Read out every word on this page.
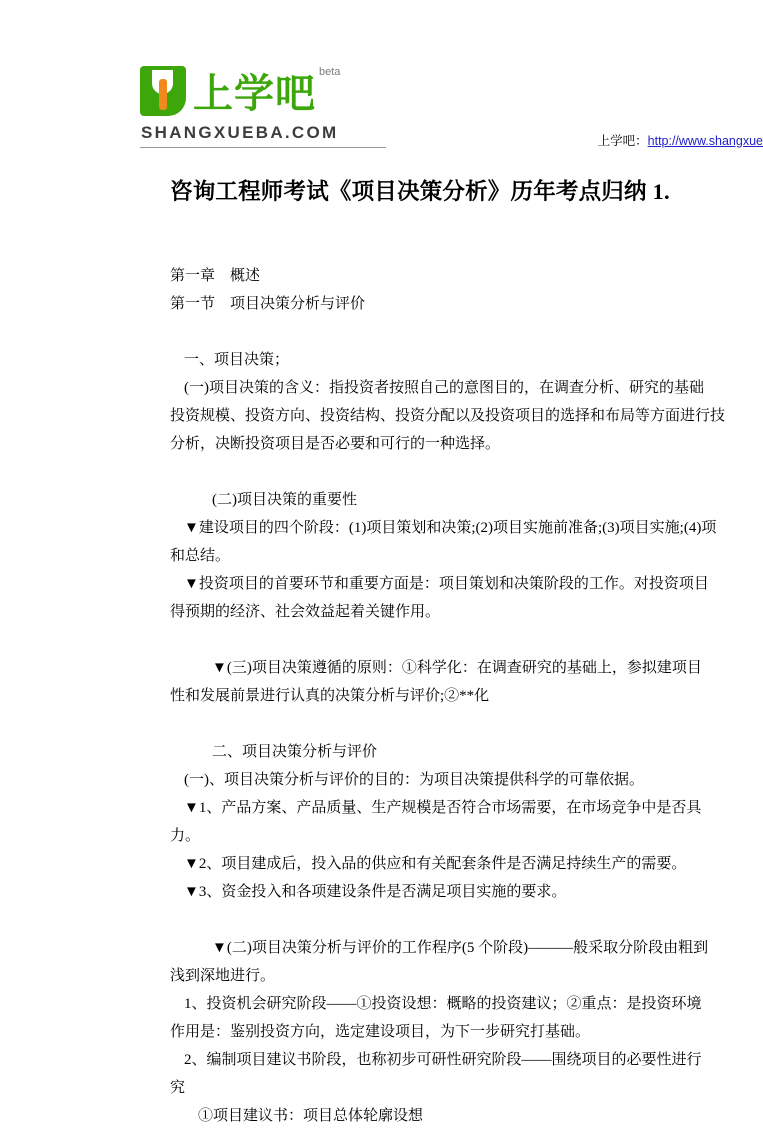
上学吧 beta
SHANGXUEBA.COM	上学吧：http://www.shangxue
咨询工程师考试《项目决策分析》历年考点归纳 1.

第一章　概述

第一节　项目决策分析与评价

一、项目决策；

(一)项目决策的含义：指投资者按照自己的意图目的，在调查分析、研究的基础

投资规模、投资方向、投资结构、投资分配以及投资项目的选择和布局等方面进行技

分析，决断投资项目是否必要和可行的一种选择。

(二)项目决策的重要性

▼建设项目的四个阶段：(1)项目策划和决策;(2)项目实施前准备;(3)项目实施;(4)项

和总结。

▼投资项目的首要环节和重要方面是：项目策划和决策阶段的工作。对投资项目

得预期的经济、社会效益起着关键作用。

▼(三)项目决策遵循的原则：①科学化：在调查研究的基础上，参拟建项目

性和发展前景进行认真的决策分析与评价;②**化

二、项目决策分析与评价

(一)、项目决策分析与评价的目的：为项目决策提供科学的可靠依据。

▼1、产品方案、产品质量、生产规模是否符合市场需要，在市场竞争中是否具

力。

▼2、项目建成后，投入品的供应和有关配套条件是否满足持续生产的需要。

▼3、资金投入和各项建设条件是否满足项目实施的要求。

▼(二)项目决策分析与评价的工作程序(5 个阶段)———般采取分阶段由粗到

浅到深地进行。

1、投资机会研究阶段——①投资设想：概略的投资建议；②重点：是投资环境

作用是：鉴别投资方向，选定建设项目，为下一步研究打基础。

2、编制项目建议书阶段，也称初步可研性研究阶段——围绕项目的必要性进行

究

①项目建议书：项目总体轮廓设想
